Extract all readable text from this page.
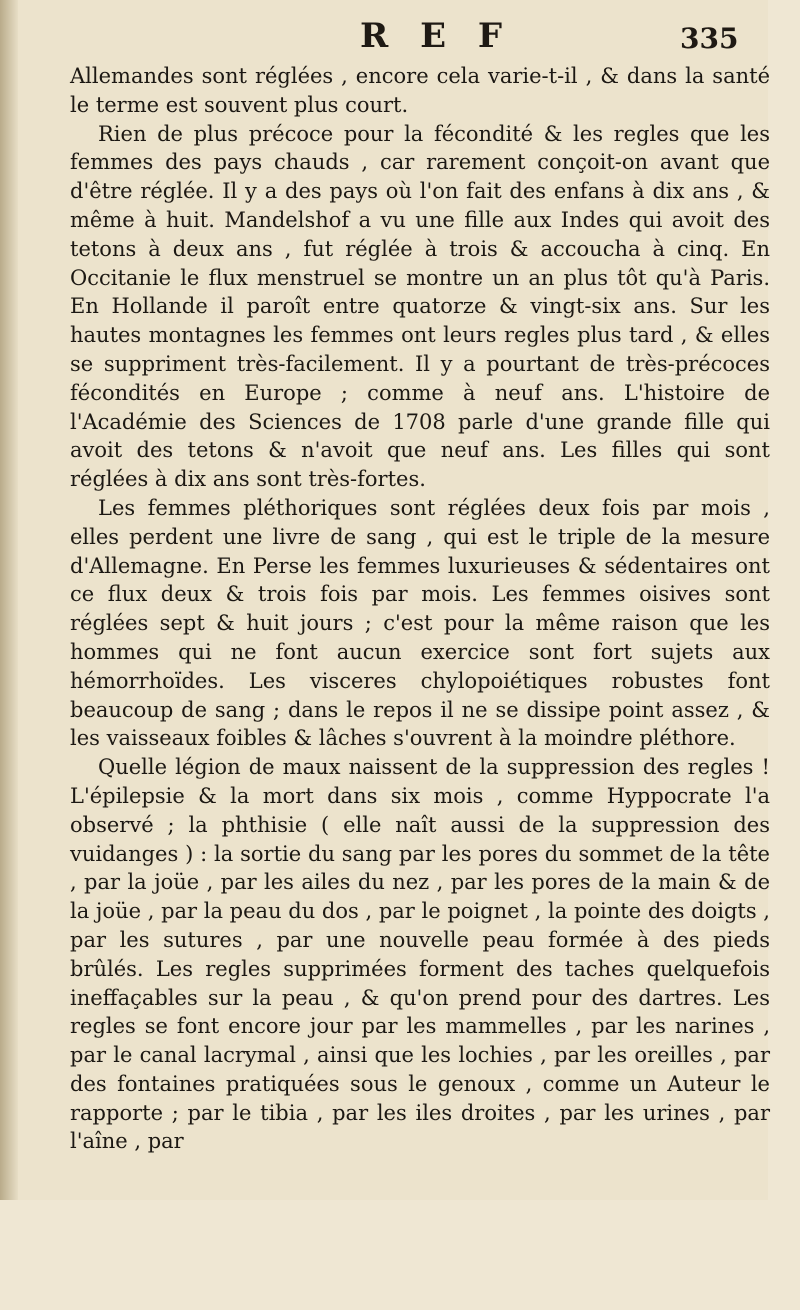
R E F	335

Allemandes sont réglées , encore cela varie-t-il , & dans la santé le terme est souvent plus court.

Rien de plus précoce pour la fécondité & les regles que les femmes des pays chauds , car rarement conçoit-on avant que d'être réglée. Il y a des pays où l'on fait des enfans à dix ans , & même à huit. Mandelshof a vu une fille aux Indes qui avoit des tetons à deux ans , fut réglée à trois & accoucha à cinq. En Occitanie le flux menstruel se montre un an plus tôt qu'à Paris. En Hollande il paroît entre quatorze & vingt-six ans. Sur les hautes montagnes les femmes ont leurs regles plus tard , & elles se suppriment très-facilement. Il y a pourtant de très-précoces fécondités en Europe ; comme à neuf ans. L'histoire de l'Académie des Sciences de 1708 parle d'une grande fille qui avoit des tetons & n'avoit que neuf ans. Les filles qui sont réglées à dix ans sont très-fortes.

Les femmes pléthoriques sont réglées deux fois par mois , elles perdent une livre de sang , qui est le triple de la mesure d'Allemagne. En Perse les femmes luxurieuses & sédentaires ont ce flux deux & trois fois par mois. Les femmes oisives sont réglées sept & huit jours ; c'est pour la même raison que les hommes qui ne font aucun exercice sont fort sujets aux hémorrhoïdes. Les viscеres chylopoiétiques robustes font beaucoup de sang ; dans le repos il ne se dissipe point assez , & les vaisseaux foibles & lâches s'ouvrent à la moindre pléthore.

Quelle légion de maux naissent de la suppression des regles ! L'épilepsie & la mort dans six mois , comme Hyppocrate l'a observé ; la phthisie ( elle naît aussi de la suppression des vuidanges ) : la sortie du sang par les pores du sommet de la tête , par la joüe , par les ailes du nez , par les pores de la main & de la joüe , par la peau du dos , par le poignet , la pointe des doigts , par les sutures , par une nouvelle peau formée à des pieds brûlés. Les regles supprimées forment des taches quelquefois ineffaçables sur la peau , & qu'on prend pour des dartres. Les regles se font encore jour par les mammelles , par les narines , par le canal lacrymal , ainsi que les lochies , par les oreilles , par des fontaines pratiquées sous le genoux , comme un Auteur le rapporte ; par le tibia , par les iles droites , par les urines , par l'aîne , par
